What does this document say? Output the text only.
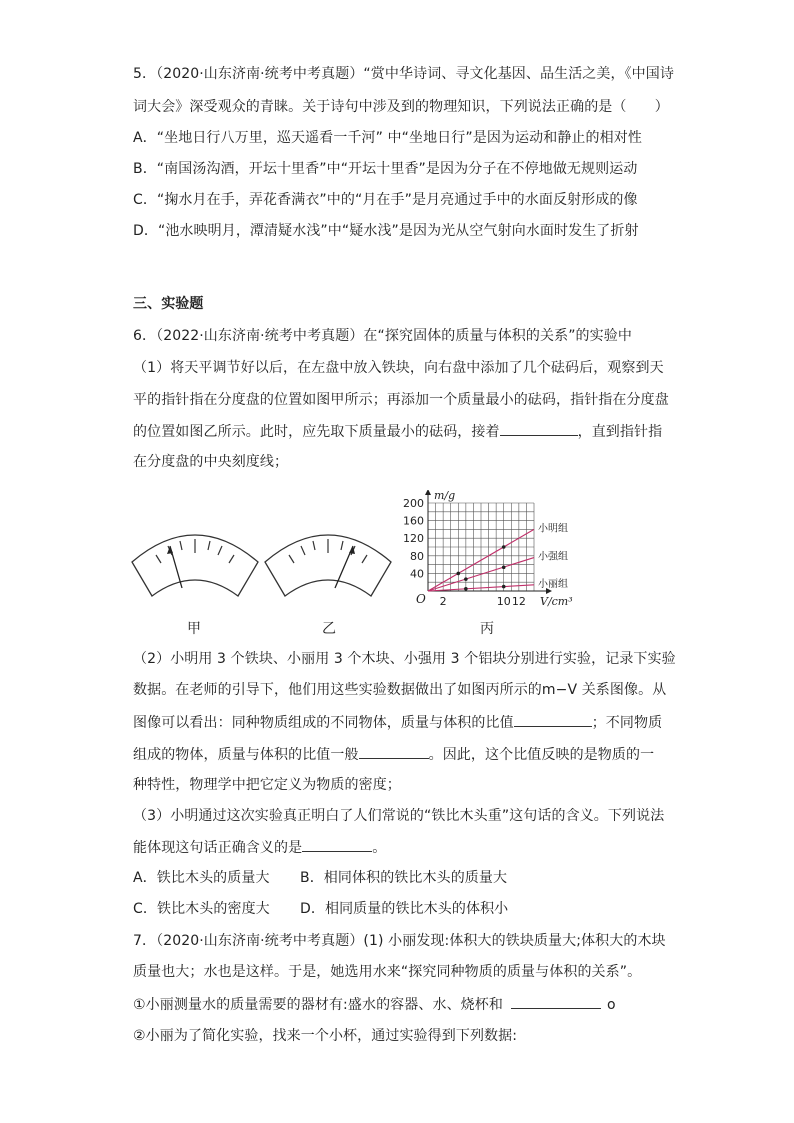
5．（2020·山东济南·统考中考真题）“赏中华诗词、寻文化基因、品生活之美，《中国诗
词大会》深受观众的青睐。关于诗句中涉及到的物理知识，下列说法正确的是（　　）
A．“坐地日行八万里，巡天遥看一千河” 中“坐地日行”是因为运动和静止的相对性
B．“南国汤沟酒，开坛十里香”中“开坛十里香”是因为分子在不停地做无规则运动
C．“掬水月在手，弄花香满衣”中的“月在手”是月亮通过手中的水面反射形成的像
D．“池水映明月，潭清疑水浅”中“疑水浅”是因为光从空气射向水面时发生了折射
三、实验题
6．（2022·山东济南·统考中考真题）在“探究固体的质量与体积的关系”的实验中
（1）将天平调节好以后，在左盘中放入铁块，向右盘中添加了几个砝码后，观察到天
平的指针指在分度盘的位置如图甲所示；再添加一个质量最小的砝码，指针指在分度盘
的位置如图乙所示。此时，应先取下质量最小的砝码，接着	，直到指针指
在分度盘的中央刻度线；
甲	乙
200
160
120
80
40
2	10 12
O
m/g
V/cm³
小明组
小强组
小丽组
丙
（2）小明用 3 个铁块、小丽用 3 个木块、小强用 3 个铝块分别进行实验，记录下实验
数据。在老师的引导下，他们用这些实验数据做出了如图丙所示的m−V 关系图像。从
图像可以看出：同种物质组成的不同物体，质量与体积的比值	；不同物质
组成的物体，质量与体积的比值一般	。因此，这个比值反映的是物质的一
种特性，物理学中把它定义为物质的密度；
（3）小明通过这次实验真正明白了人们常说的“铁比木头重”这句话的含义。下列说法
能体现这句话正确含义的是	。
A．铁比木头的质量大 B．相同体积的铁比木头的质量大
C．铁比木头的密度大 D．相同质量的铁比木头的体积小
7．（2020·山东济南·统考中考真题）(1) 小丽发现:体积大的铁块质量大;体积大的木块
质量也大；水也是这样。于是，她选用水来“探究同种物质的质量与体积的关系”。
①小丽测量水的质量需要的器材有:盛水的容器、水、烧杯和	o
②小丽为了简化实验，找来一个小杯，通过实验得到下列数据:
